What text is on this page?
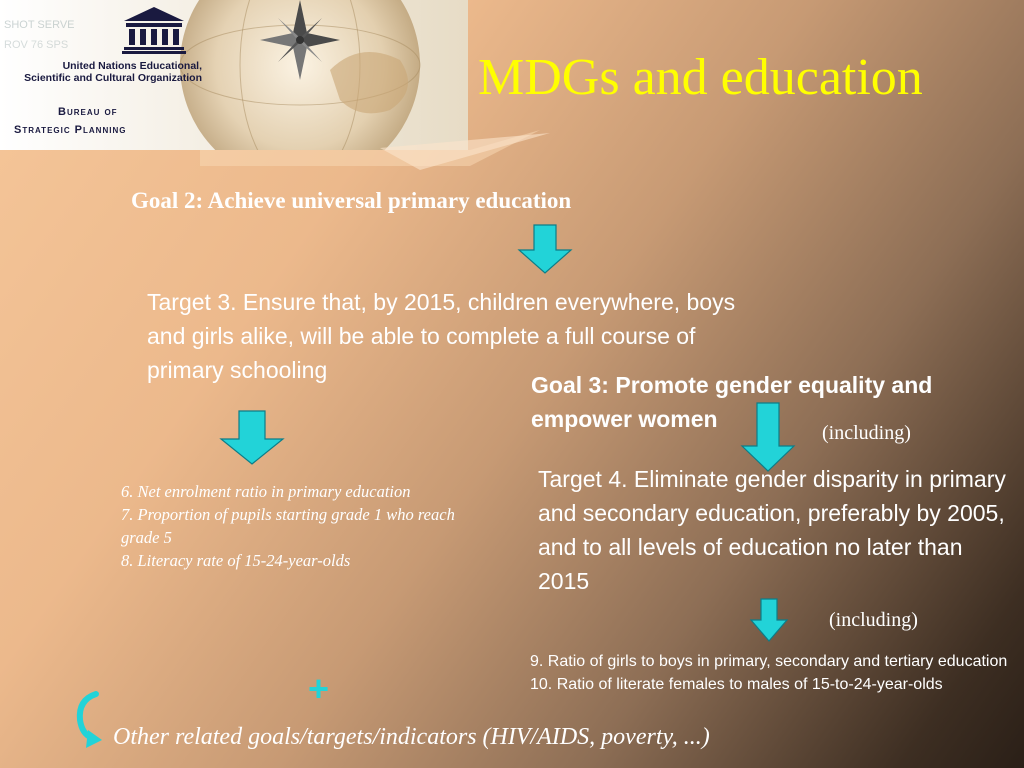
SHOT SERVE
ROV 76 SPS
United Nations Educational,
Scientific and Cultural Organization
Bureau of
Strategic Planning
MDGs and education
Goal 2: Achieve universal primary education
Target 3. Ensure that, by 2015, children everywhere, boys and girls alike, will be able to complete a full course of primary schooling
Goal 3: Promote gender equality and empower women
(including)
6. Net enrolment ratio in primary education
7. Proportion of pupils starting grade 1 who reach grade 5
8. Literacy rate of 15-24-year-olds
Target 4. Eliminate gender disparity in primary and secondary education, preferably by 2005, and to all levels of education no later than 2015
(including)
9. Ratio of girls to boys in primary, secondary and tertiary education
10. Ratio of literate females to males of 15-to-24-year-olds
+
Other related goals/targets/indicators (HIV/AIDS, poverty, ...)
